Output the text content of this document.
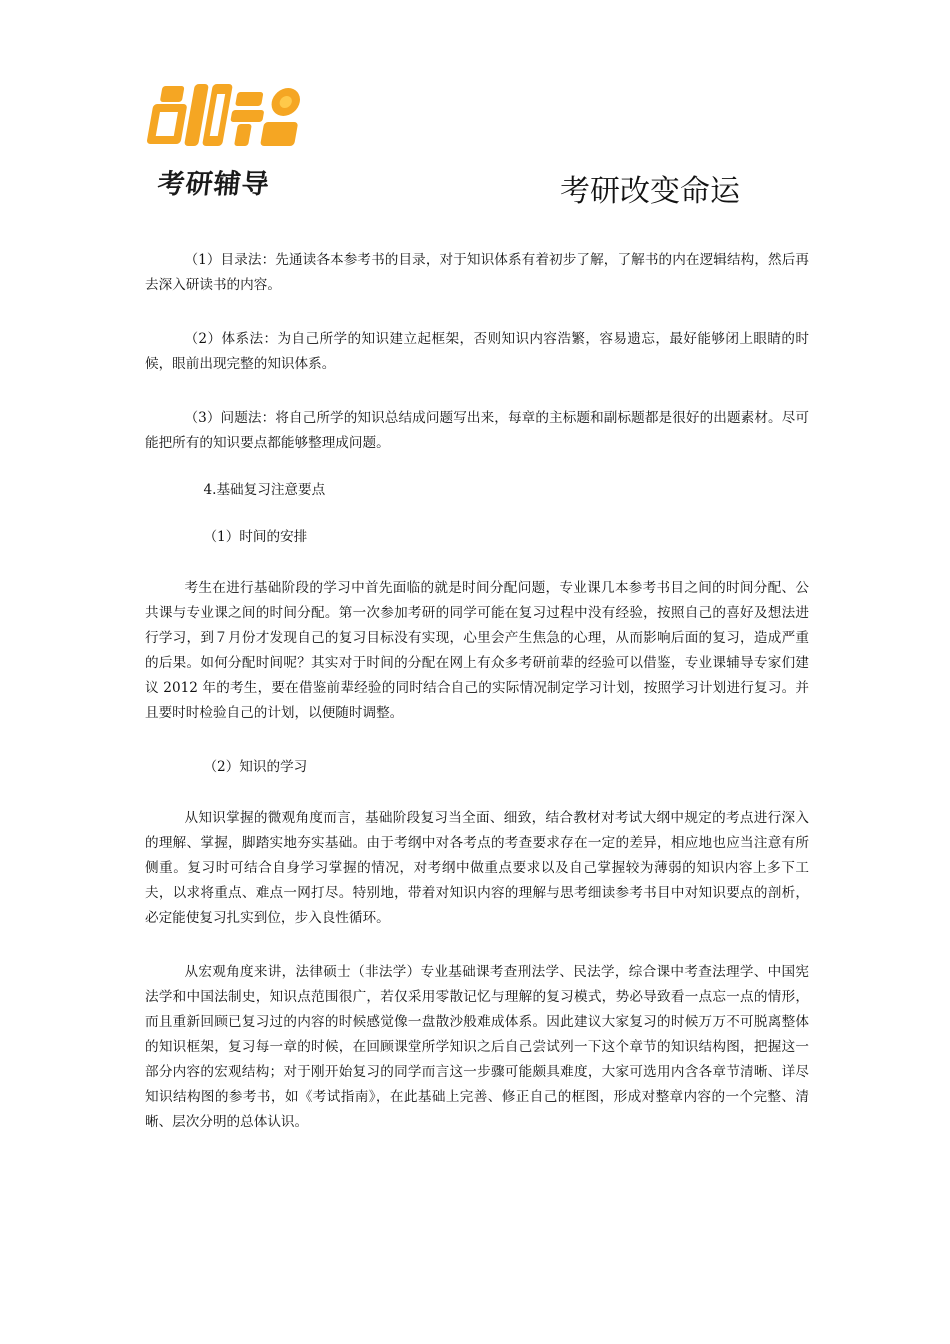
凯程
考研辅导	考研改变命运

（1）目录法：先通读各本参考书的目录，对于知识体系有着初步了解，了解书的内在逻辑结构，然后再去深入研读书的内容。

（2）体系法：为自己所学的知识建立起框架，否则知识内容浩繁，容易遗忘，最好能够闭上眼睛的时候，眼前出现完整的知识体系。

（3）问题法：将自己所学的知识总结成问题写出来，每章的主标题和副标题都是很好的出题素材。尽可能把所有的知识要点都能够整理成问题。

4.基础复习注意要点

（1）时间的安排

考生在进行基础阶段的学习中首先面临的就是时间分配问题，专业课几本参考书目之间的时间分配、公共课与专业课之间的时间分配。第一次参加考研的同学可能在复习过程中没有经验，按照自己的喜好及想法进行学习，到７月份才发现自己的复习目标没有实现，心里会产生焦急的心理，从而影响后面的复习，造成严重的后果。如何分配时间呢？其实对于时间的分配在网上有众多考研前辈的经验可以借鉴，专业课辅导专家们建议 2012 年的考生，要在借鉴前辈经验的同时结合自己的实际情况制定学习计划，按照学习计划进行复习。并且要时时检验自己的计划，以便随时调整。

（2）知识的学习

从知识掌握的微观角度而言，基础阶段复习当全面、细致，结合教材对考试大纲中规定的考点进行深入的理解、掌握，脚踏实地夯实基础。由于考纲中对各考点的考查要求存在一定的差异，相应地也应当注意有所侧重。复习时可结合自身学习掌握的情况，对考纲中做重点要求以及自己掌握较为薄弱的知识内容上多下工夫，以求将重点、难点一网打尽。特别地，带着对知识内容的理解与思考细读参考书目中对知识要点的剖析，必定能使复习扎实到位，步入良性循环。

从宏观角度来讲，法律硕士（非法学）专业基础课考查刑法学、民法学，综合课中考查法理学、中国宪法学和中国法制史，知识点范围很广，若仅采用零散记忆与理解的复习模式，势必导致看一点忘一点的情形，而且重新回顾已复习过的内容的时候感觉像一盘散沙般难成体系。因此建议大家复习的时候万万不可脱离整体的知识框架，复习每一章的时候，在回顾课堂所学知识之后自己尝试列一下这个章节的知识结构图，把握这一部分内容的宏观结构；对于刚开始复习的同学而言这一步骤可能颇具难度，大家可选用内含各章节清晰、详尽知识结构图的参考书，如《考试指南》，在此基础上完善、修正自己的框图，形成对整章内容的一个完整、清晰、层次分明的总体认识。
